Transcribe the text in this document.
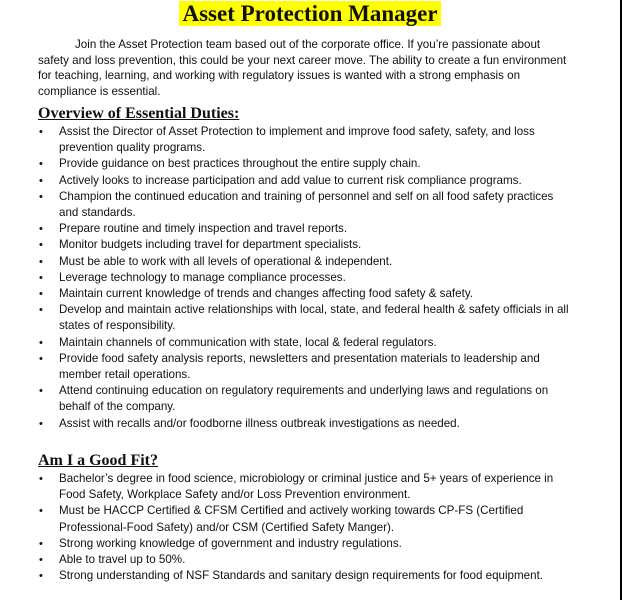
Asset Protection Manager

Join the Asset Protection team based out of the corporate office. If you’re passionate about safety and loss prevention, this could be your next career move. The ability to create a fun environment for teaching, learning, and working with regulatory issues is wanted with a strong emphasis on compliance is essential.

Overview of Essential Duties:
• Assist the Director of Asset Protection to implement and improve food safety, safety, and loss prevention quality programs.
• Provide guidance on best practices throughout the entire supply chain.
• Actively looks to increase participation and add value to current risk compliance programs.
• Champion the continued education and training of personnel and self on all food safety practices and standards.
• Prepare routine and timely inspection and travel reports.
• Monitor budgets including travel for department specialists.
• Must be able to work with all levels of operational & independent.
• Leverage technology to manage compliance processes.
• Maintain current knowledge of trends and changes affecting food safety & safety.
• Develop and maintain active relationships with local, state, and federal health & safety officials in all states of responsibility.
• Maintain channels of communication with state, local & federal regulators.
• Provide food safety analysis reports, newsletters and presentation materials to leadership and member retail operations.
• Attend continuing education on regulatory requirements and underlying laws and regulations on behalf of the company.
• Assist with recalls and/or foodborne illness outbreak investigations as needed.
Am I a Good Fit?
• Bachelor’s degree in food science, microbiology or criminal justice and 5+ years of experience in Food Safety, Workplace Safety and/or Loss Prevention environment.
• Must be HACCP Certified & CFSM Certified and actively working towards CP-FS (Certified Professional-Food Safety) and/or CSM (Certified Safety Manger).
• Strong working knowledge of government and industry regulations.
• Able to travel up to 50%.
• Strong understanding of NSF Standards and sanitary design requirements for food equipment.
